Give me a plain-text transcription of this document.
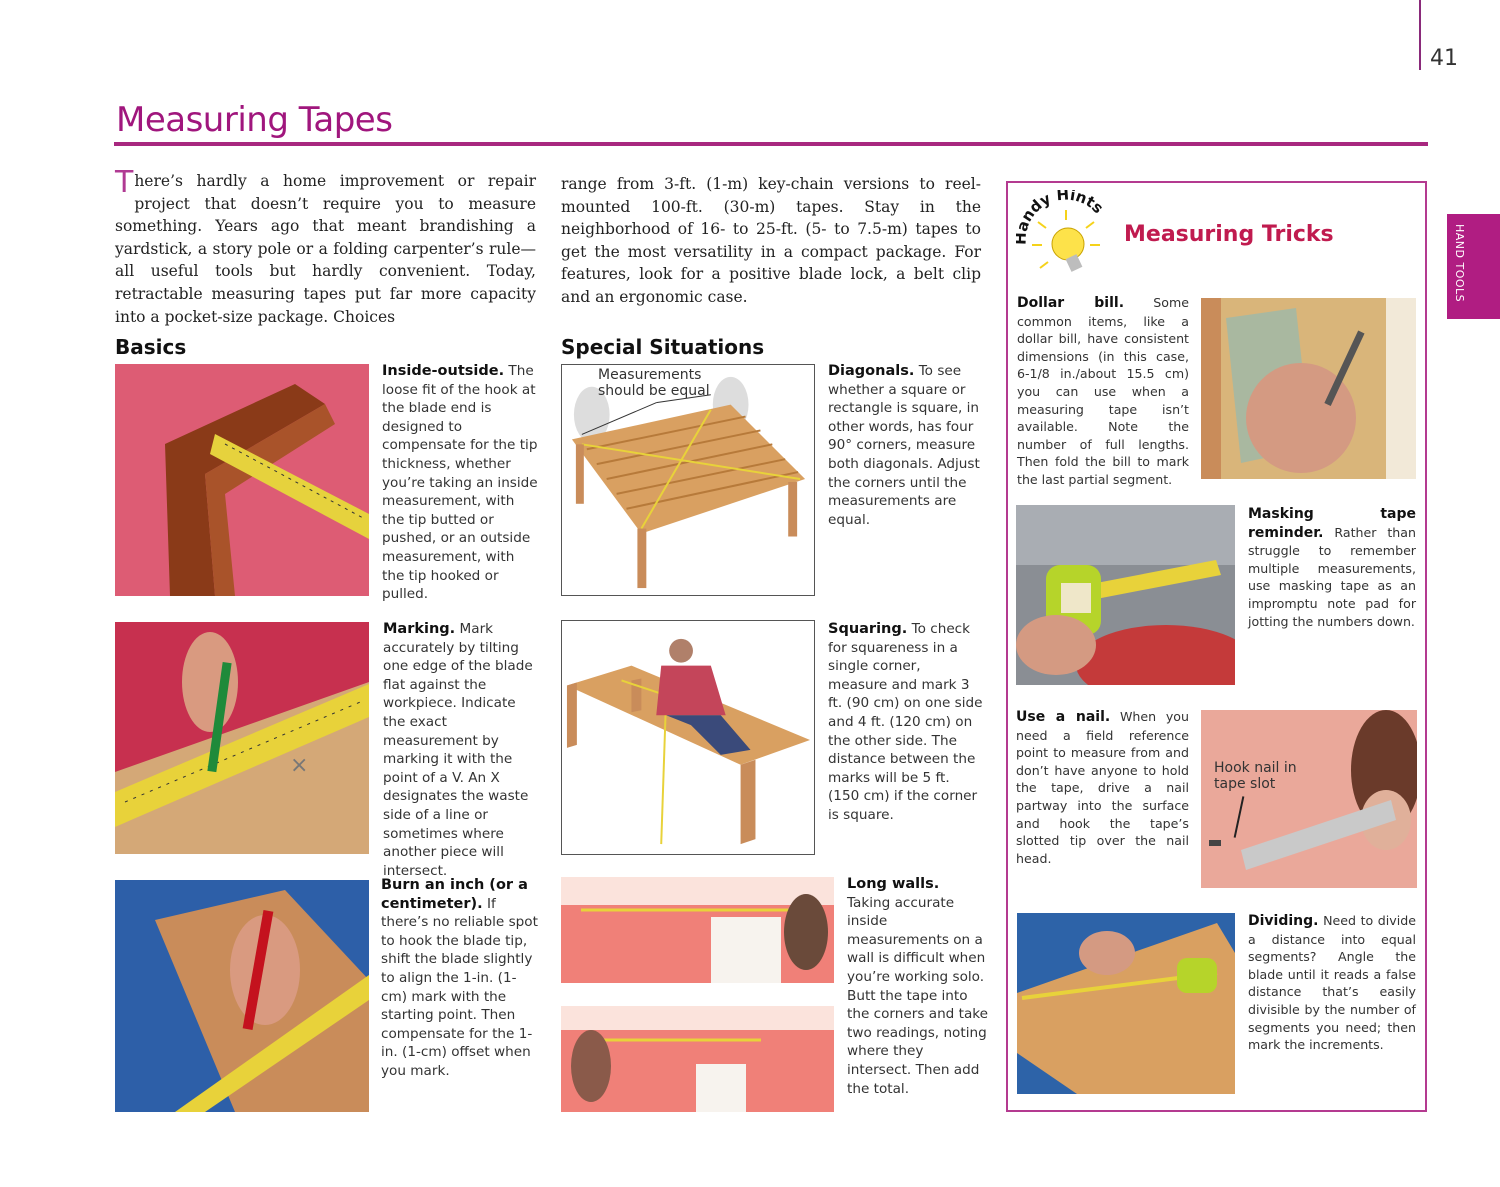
41
Measuring Tapes
HAND TOOLS
There’s hardly a home improvement or repair project that doesn’t require you to measure something. Years ago that meant brandishing a yardstick, a story pole or a folding carpenter’s rule—all useful tools but hardly convenient. Today, retractable measuring tapes put far more capacity into a pocket-size package. Choices
range from 3-ft. (1-m) key-chain versions to reel-mounted 100-ft. (30-m) tapes. Stay in the neighborhood of 16- to 25-ft. (5- to 7.5-m) tapes to get the most versatility in a compact package. For features, look for a positive blade lock, a belt clip and an ergonomic case.
Basics	Special Situations
Inside-outside. The loose fit of the hook at the blade end is designed to compensate for the tip thickness, whether you’re taking an inside measurement, with the tip butted or pushed, or an outside measurement, with the tip hooked or pulled.
×
Marking. Mark accurately by tilting one edge of the blade flat against the workpiece. Indicate the exact measurement by marking it with the point of a V. An X designates the waste side of a line or sometimes where another piece will intersect.
Burn an inch (or a centimeter). If there’s no reliable spot to hook the blade tip, shift the blade slightly to align the 1-in. (1-cm) mark with the starting point. Then compensate for the 1-in. (1-cm) offset when you mark.
Measurements should be equal
Diagonals. To see whether a square or rectangle is square, in other words, has four 90° corners, measure both diagonals. Adjust the corners until the measurements are equal.
Squaring. To check for squareness in a single corner, measure and mark 3 ft. (90 cm) on one side and 4 ft. (120 cm) on the other side. The distance between the marks will be 5 ft. (150 cm) if the corner is square.
Long walls.
Taking accurate inside measurements on a wall is difficult when you’re working solo. Butt the tape into the corners and take two readings, noting where they intersect. Then add the total.
ndy Hints
Measuring Tricks
Dollar bill. Some common items, like a dollar bill, have consistent dimensions (in this case, 6-1/8 in./about 15.5 cm) you can use when a measuring tape isn’t available. Note the number of full lengths. Then fold the bill to mark the last partial segment.
Masking tape reminder. Rather than struggle to remember multiple measurements, use masking tape as an impromptu note pad for jotting the numbers down.
Use a nail. When you need a field reference point to measure from and don’t have anyone to hold the tape, drive a nail partway into the surface and hook the tape’s slotted tip over the nail head.
Hook nail in tape slot
Dividing. Need to divide a distance into equal segments? Angle the blade until it reads a false distance that’s easily divisible by the number of segments you need; then mark the increments.
